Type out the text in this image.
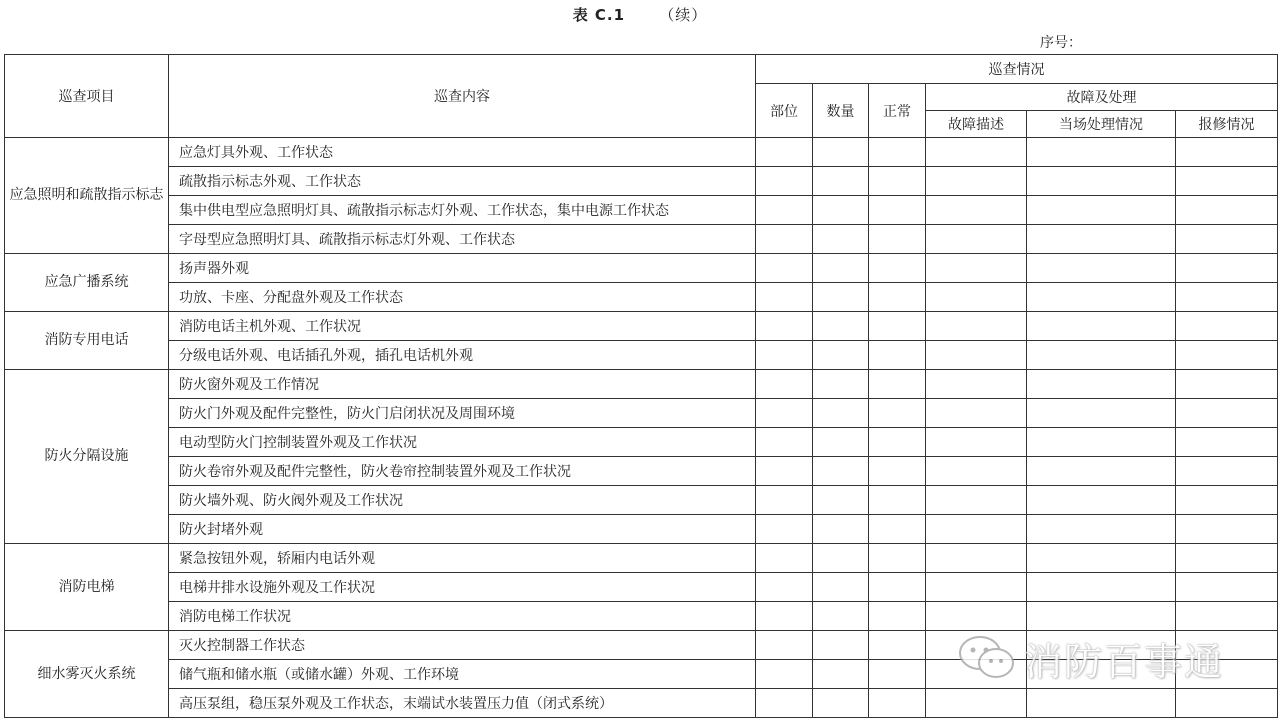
表 C.1 （续）
序号：
巡查项目	巡查内容	巡查情况					
		部位	数量	正常	故障及处理		
					故障描述	当场处理情况	报修情况
应急照明和疏散指示标志	应急灯具外观、工作状态						
	疏散指示标志外观、工作状态						
	集中供电型应急照明灯具、疏散指示标志灯外观、工作状态，集中电源工作状态						
	字母型应急照明灯具、疏散指示标志灯外观、工作状态						
应急广播系统	扬声器外观						
	功放、卡座、分配盘外观及工作状态						
消防专用电话	消防电话主机外观、工作状况						
	分级电话外观、电话插孔外观，插孔电话机外观						
防火分隔设施	防火窗外观及工作情况						
	防火门外观及配件完整性，防火门启闭状况及周围环境						
	电动型防火门控制装置外观及工作状况						
	防火卷帘外观及配件完整性，防火卷帘控制装置外观及工作状况						
	防火墙外观、防火阀外观及工作状况						
	防火封堵外观						
消防电梯	紧急按钮外观，轿厢内电话外观						
	电梯井排水设施外观及工作状况						
	消防电梯工作状况						
细水雾灭火系统	灭火控制器工作状态						
	储气瓶和储水瓶（或储水罐）外观、工作环境						
	高压泵组，稳压泵外观及工作状态，末端试水装置压力值（闭式系统）						
消防百事通
